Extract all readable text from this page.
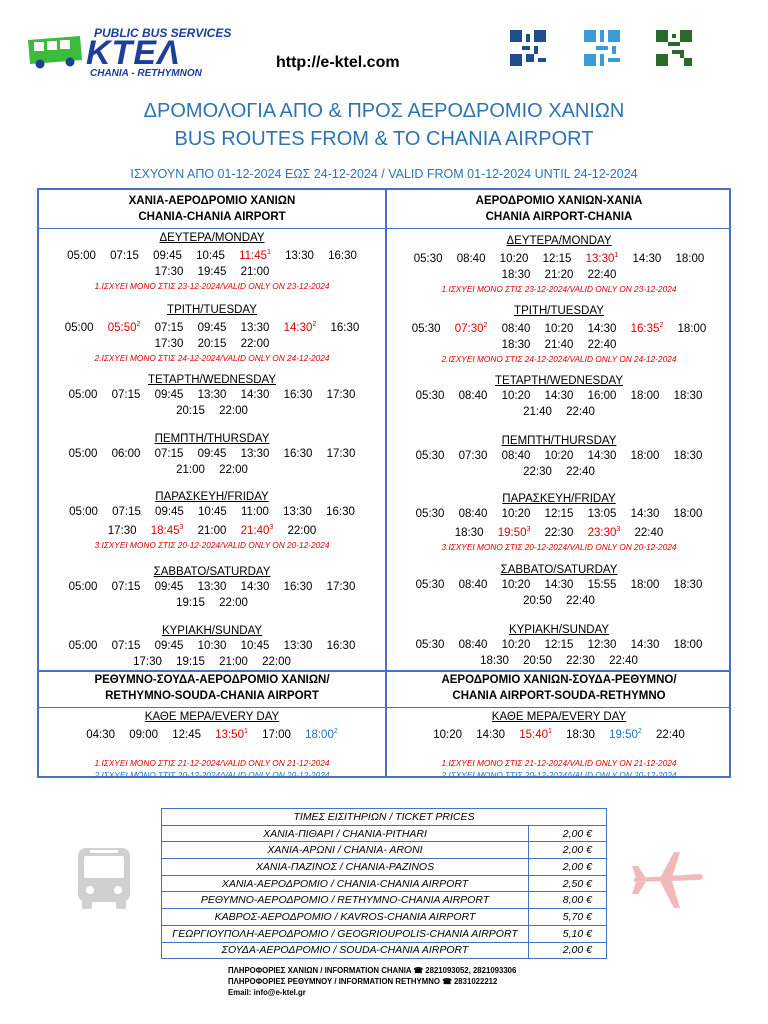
PUBLIC BUS SERVICES
KTEΛ
CHANIA - RETHYMNON
http://e-ktel.com
ΔΡΟΜΟΛΟΓΙΑ ΑΠΟ & ΠΡΟΣ ΑΕΡΟΔΡΟΜΙΟ ΧΑΝΙΩΝ
BUS ROUTES FROM & TO CHANIA AIRPORT
ΙΣΧΥΟΥΝ ΑΠΟ 01-12-2024 ΕΩΣ 24-12-2024 / VALID FROM 01-12-2024 UNTIL 24-12-2024
ΧΑΝΙΑ-ΑΕΡΟΔΡΟΜΙΟ ΧΑΝΙΩΝ
CHANIA-CHANIA AIRPORT
ΑΕΡΟΔΡΟΜΙΟ ΧΑΝΙΩΝ-ΧΑΝΙΑ
CHANIA AIRPORT-CHANIA
ΔΕΥΤΕΡΑ/MONDAY
05:00 07:15 09:45 10:45 $11:45^1$ 13:30 16:30
17:30 19:45 21:00
1.ΙΣΧΥΕΙ ΜΟΝΟ ΣΤΙΣ 23-12-2024/VALID ONLY ON 23-12-2024
ΤΡΙΤΗ/TUESDAY
05:00 $05:50^2$ 07:15 09:45 13:30 $14:30^2$ 16:30
17:30 20:15 22:00
2.ΙΣΧΥΕΙ ΜΟΝΟ ΣΤΙΣ 24-12-2024/VALID ONLY ON 24-12-2024
ΤΕΤΑΡΤΗ/WEDNESDAY
05:00 07:15 09:45 13:30 14:30 16:30 17:30
20:15 22:00
ΠΕΜΠΤΗ/THURSDAY
05:00 06:00 07:15 09:45 13:30 16:30 17:30
21:00 22:00
ΠΑΡΑΣΚΕΥΗ/FRIDAY
05:00 07:15 09:45 10:45 11:00 13:30 16:30
17:30 $18:45^3$ 21:00 $21:40^3$ 22:00
3.ΙΣΧΥΕΙ ΜΟΝΟ ΣΤΙΣ 20-12-2024/VALID ONLY ON 20-12-2024
ΣΑΒΒΑΤΟ/SATURDAY
05:00 07:15 09:45 13:30 14:30 16:30 17:30
19:15 22:00
ΚΥΡΙΑΚΗ/SUNDAY
05:00 07:15 09:45 10:30 10:45 13:30 16:30
17:30 19:15 21:00 22:00
ΔΕΥΤΕΡΑ/MONDAY
05:30 08:40 10:20 12:15 $13:30^1$ 14:30 18:00
18:30 21:20 22:40
1.ΙΣΧΥΕΙ ΜΟΝΟ ΣΤΙΣ 23-12-2024/VALID ONLY ON 23-12-2024
ΤΡΙΤΗ/TUESDAY
05:30 $07:30^2$ 08:40 10:20 14:30 $16:35^2$ 18:00
18:30 21:40 22:40
2.ΙΣΧΥΕΙ ΜΟΝΟ ΣΤΙΣ 24-12-2024/VALID ONLY ON 24-12-2024
ΤΕΤΑΡΤΗ/WEDNESDAY
05:30 08:40 10:20 14:30 16:00 18:00 18:30
21:40 22:40
ΠΕΜΠΤΗ/THURSDAY
05:30 07:30 08:40 10:20 14:30 18:00 18:30
22:30 22:40
ΠΑΡΑΣΚΕΥΗ/FRIDAY
05:30 08:40 10:20 12:15 13:05 14:30 18:00
18:30 $19:50^3$ 22:30 $23:30^3$ 22:40
3.ΙΣΧΥΕΙ ΜΟΝΟ ΣΤΙΣ 20-12-2024/VALID ONLY ON 20-12-2024
ΣΑΒΒΑΤΟ/SATURDAY
05:30 08:40 10:20 14:30 15:55 18:00 18:30
20:50 22:40
ΚΥΡΙΑΚΗ/SUNDAY
05:30 08:40 10:20 12:15 12:30 14:30 18:00
18:30 20:50 22:30 22:40
ΡΕΘΥΜΝΟ-ΣΟΥΔΑ-ΑΕΡΟΔΡΟΜΙΟ ΧΑΝΙΩΝ/
RETHYMNO-SOUDA-CHANIA AIRPORT
ΑΕΡΟΔΡΟΜΙΟ ΧΑΝΙΩΝ-ΣΟΥΔΑ-ΡΕΘΥΜΝΟ/
CHANIA AIRPORT-SOUDA-RETHYMNO
ΚΑΘΕ ΜΕΡΑ/EVERY DAY
04:30 09:00 12:45 $13:50^1$ 17:00 $18:00^2$
1.ΙΣΧΥΕΙ ΜΟΝΟ ΣΤΙΣ 21-12-2024/VALID ONLY ON 21-12-2024
2.ΙΣΧΥΕΙ ΜΟΝΟ ΣΤΙΣ 20-12-2024/VALID ONLY ON 20-12-2024
ΚΑΘΕ ΜΕΡΑ/EVERY DAY
10:20 14:30 $15:40^1$ 18:30 $19:50^2$ 22:40
1.ΙΣΧΥΕΙ ΜΟΝΟ ΣΤΙΣ 21-12-2024/VALID ONLY ON 21-12-2024
2.ΙΣΧΥΕΙ ΜΟΝΟ ΣΤΙΣ 20-12-2024/VALID ONLY ON 20-12-2024
ΤΙΜΕΣ ΕΙΣΙΤΗΡΙΩΝ / TICKET PRICES	
ΧΑΝΙΑ-ΠΙΘΑΡΙ / CHANIA-PITHARI	2,00 €
ΧΑΝΙΑ-ΑΡΩΝΙ / CHANIA- ARONI	2,00 €
ΧΑΝΙΑ-ΠΑΖΙΝΟΣ / CHANIA-PAZINOS	2,00 €
ΧΑΝΙΑ-ΑΕΡΟΔΡΟΜΙΟ / CHANIA-CHANIA AIRPORT	2,50 €
ΡΕΘΥΜΝΟ-ΑΕΡΟΔΡΟΜΙΟ / RETHYMNO-CHANIA AIRPORT	8,00 €
ΚΑΒΡΟΣ-ΑΕΡΟΔΡΟΜΙΟ / KAVROS-CHANIA AIRPORT	5,70 €
ΓΕΩΡΓΙΟΥΠΟΛΗ-ΑΕΡΟΔΡΟΜΙΟ / GEOGRIOUPOLIS-CHANIA AIRPORT	5,10 €
ΣΟΥΔΑ-ΑΕΡΟΔΡΟΜΙΟ / SOUDA-CHANIA AIRPORT	2,00 €
ΠΛΗΡΟΦΟΡΙΕΣ ΧΑΝΙΩΝ / INFORMATION CHANIA ☎ 2821093052, 2821093306
ΠΛΗΡΟΦΟΡΙΕΣ ΡΕΘΥΜΝΟΥ / INFORMATION RETHYMNO ☎ 2831022212
Email: info@e-ktel.gr
